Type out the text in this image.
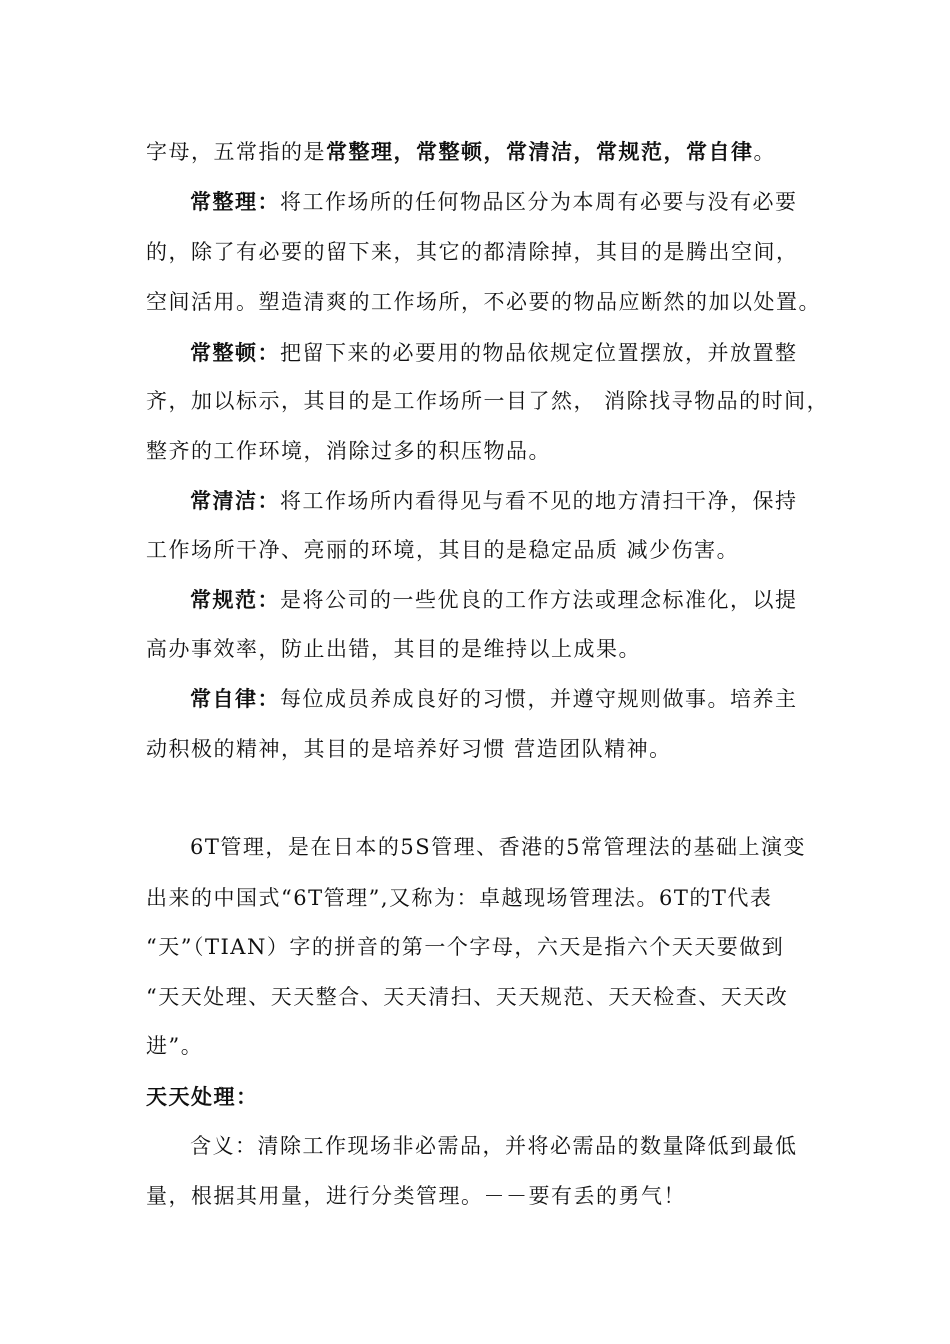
字母，五常指的是常整理，常整顿，常清洁，常规范，常自律。
常整理：将工作场所的任何物品区分为本周有必要与没有必要
的，除了有必要的留下来，其它的都清除掉，其目的是腾出空间，
空间活用。塑造清爽的工作场所，不必要的物品应断然的加以处置。
常整顿：把留下来的必要用的物品依规定位置摆放，并放置整
齐，加以标示，其目的是工作场所一目了然， 消除找寻物品的时间，
整齐的工作环境，消除过多的积压物品。
常清洁：将工作场所内看得见与看不见的地方清扫干净，保持
工作场所干净、亮丽的环境，其目的是稳定品质 减少伤害。
常规范：是将公司的一些优良的工作方法或理念标准化，以提
高办事效率，防止出错，其目的是维持以上成果。
常自律：每位成员养成良好的习惯，并遵守规则做事。培养主
动积极的精神，其目的是培养好习惯 营造团队精神。
6T管理，是在日本的5S管理、香港的5常管理法的基础上演变
出来的中国式“6T管理”,又称为：卓越现场管理法。6T的T代表
“天”（TIAN）字的拼音的第一个字母，六天是指六个天天要做到
“天天处理、天天整合、天天清扫、天天规范、天天检查、天天改
进”。
天天处理：
含义：清除工作现场非必需品，并将必需品的数量降低到最低
量，根据其用量，进行分类管理。－－要有丢的勇气！
